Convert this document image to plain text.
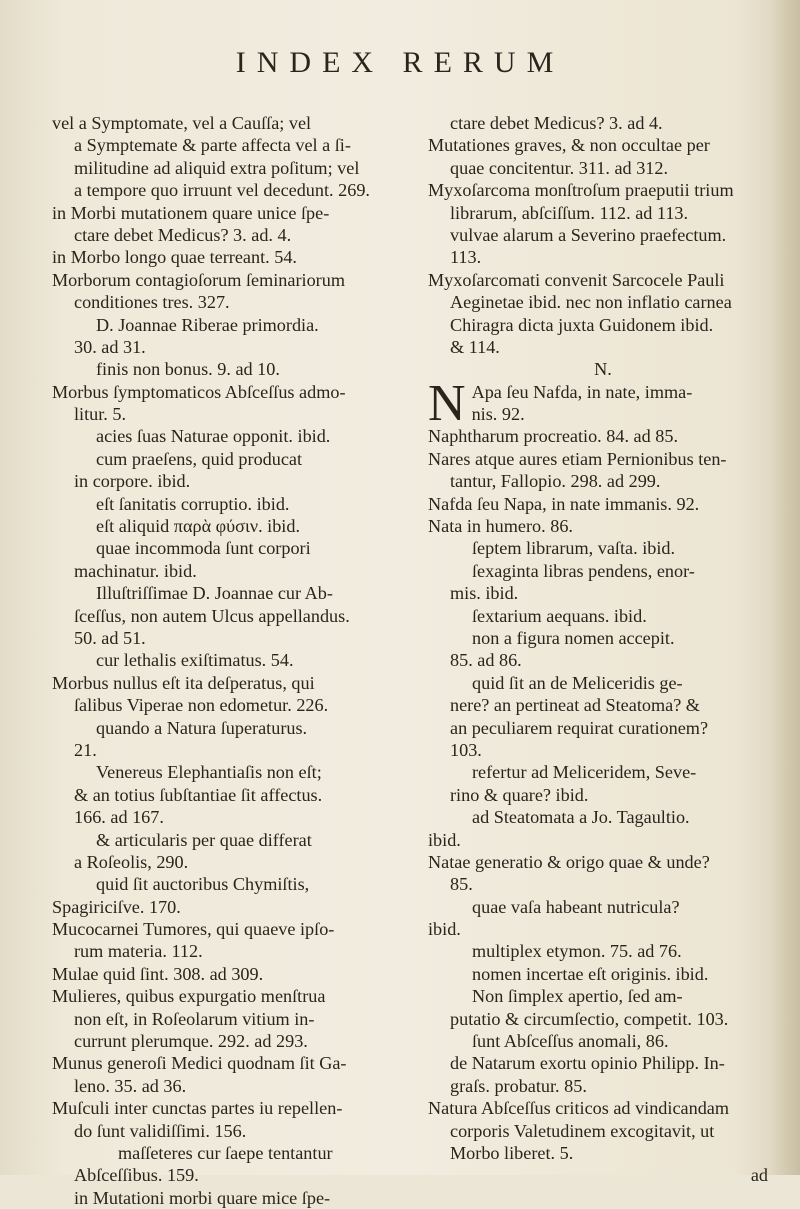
INDEX RERUM
vel a Symptomate, vel a Cauſſa; vel
a Symptemate & parte affecta vel a ſi-
militudine ad aliquid extra poſitum; vel
a tempore quo irruunt vel decedunt. 269.
in Morbi mutationem quare unice ſpe-
ctare debet Medicus? 3. ad. 4.
in Morbo longo quae terreant. 54.
Morborum contagioſorum ſeminariorum
conditiones tres. 327.
D. Joannae Riberae primordia.
30. ad 31.
finis non bonus. 9. ad 10.
Morbus ſymptomaticos Abſceſſus admo-
litur. 5.
acies ſuas Naturae opponit. ibid.
cum praeſens, quid producat
in corpore. ibid.
eſt ſanitatis corruptio. ibid.
eſt aliquid παρὰ φύσιν. ibid.
quae incommoda ſunt corpori
machinatur. ibid.
Illuſtriſſimae D. Joannae cur Ab-
ſceſſus, non autem Ulcus appellandus.
50. ad 51.
cur lethalis exiſtimatus. 54.
Morbus nullus eſt ita deſperatus, qui
ſalibus Viperae non edometur. 226.
quando a Natura ſuperaturus.
21.
Venereus Elephantiaſis non eſt;
& an totius ſubſtantiae ſit affectus.
166. ad 167.
& articularis per quae differat
a Roſeolis, 290.
quid ſit auctoribus Chymiſtis,
Spagiriciſve. 170.
Mucocarnei Tumores, qui quaeve ipſo-
rum materia. 112.
Mulae quid ſint. 308. ad 309.
Mulieres, quibus expurgatio menſtrua
non eſt, in Roſeolarum vitium in-
currunt plerumque. 292. ad 293.
Munus generoſi Medici quodnam ſit Ga-
leno. 35. ad 36.
Muſculi inter cunctas partes iu repellen-
do ſunt validiſſimi. 156.
maſſeteres cur ſaepe tentantur
Abſceſſibus. 159.
in Mutationi morbi quare mice ſpe-
ctare debet Medicus? 3. ad 4.
Mutationes graves, & non occultae per
quae concitentur. 311. ad 312.
Myxoſarcoma monſtroſum praeputii trium
librarum, abſciſſum. 112. ad 113.
vulvae alarum a Severino praefectum.
113.
Myxoſarcomati convenit Sarcocele Pauli
Aeginetae ibid. nec non inflatio carnea
Chiragra dicta juxta Guidonem ibid.
& 114.
N.
N Apa ſeu Nafda, in nate, imma-
nis. 92.
Naphtharum procreatio. 84. ad 85.
Nares atque aures etiam Pernionibus ten-
tantur, Fallopio. 298. ad 299.
Nafda ſeu Napa, in nate immanis. 92.
Nata in humero. 86.
ſeptem librarum, vaſta. ibid.
ſexaginta libras pendens, enor-
mis. ibid.
ſextarium aequans. ibid.
non a figura nomen accepit.
85. ad 86.
quid ſit an de Meliceridis ge-
nere? an pertineat ad Steatoma? &
an peculiarem requirat curationem?
103.
refertur ad Meliceridem, Seve-
rino & quare? ibid.
ad Steatomata a Jo. Tagaultio.
ibid.
Natae generatio & origo quae & unde?
85.
quae vaſa habeant nutricula?
ibid.
multiplex etymon. 75. ad 76.
nomen incertae eſt originis. ibid.
Non ſimplex apertio, ſed am-
putatio & circumſectio, competit. 103.
ſunt Abſceſſus anomali, 86.
de Natarum exortu opinio Philipp. In-
graſs. probatur. 85.
Natura Abſceſſus criticos ad vindicandam
corporis Valetudinem excogitavit, ut
Morbo liberet. 5.
ad
